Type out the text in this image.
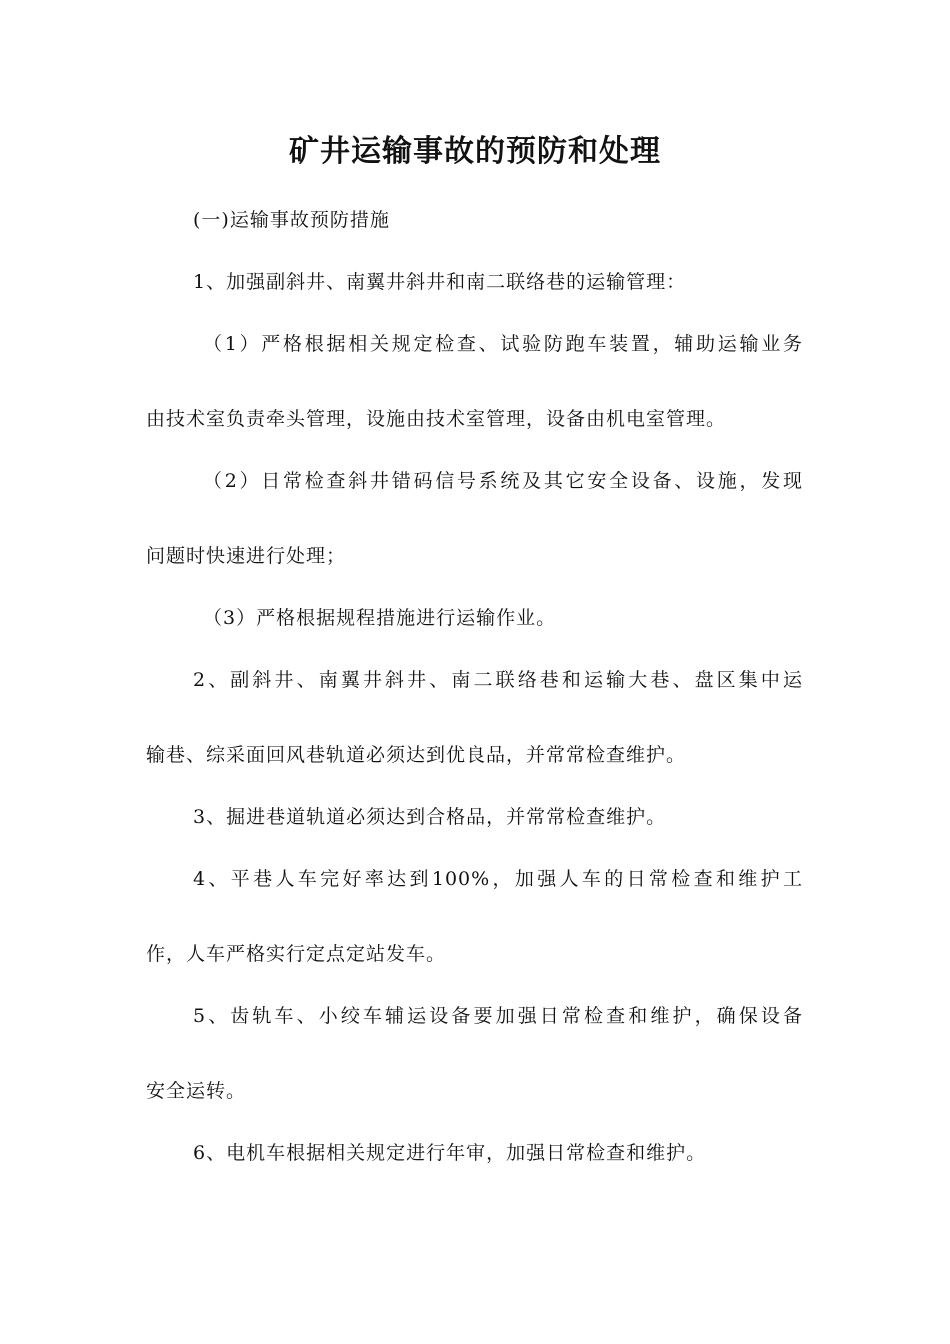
矿井运输事故的预防和处理
(一)运输事故预防措施
1、加强副斜井、南翼井斜井和南二联络巷的运输管理：
（1）严格根据相关规定检查、试验防跑车装置，辅助运输业务
由技术室负责牵头管理，设施由技术室管理，设备由机电室管理。
（2）日常检查斜井错码信号系统及其它安全设备、设施，发现
问题时快速进行处理；
（3）严格根据规程措施进行运输作业。
2、副斜井、南翼井斜井、南二联络巷和运输大巷、盘区集中运
输巷、综采面回风巷轨道必须达到优良品，并常常检查维护。
3、掘进巷道轨道必须达到合格品，并常常检查维护。
4、平巷人车完好率达到100%，加强人车的日常检查和维护工
作，人车严格实行定点定站发车。
5、齿轨车、小绞车辅运设备要加强日常检查和维护，确保设备
安全运转。
6、电机车根据相关规定进行年审，加强日常检查和维护。
